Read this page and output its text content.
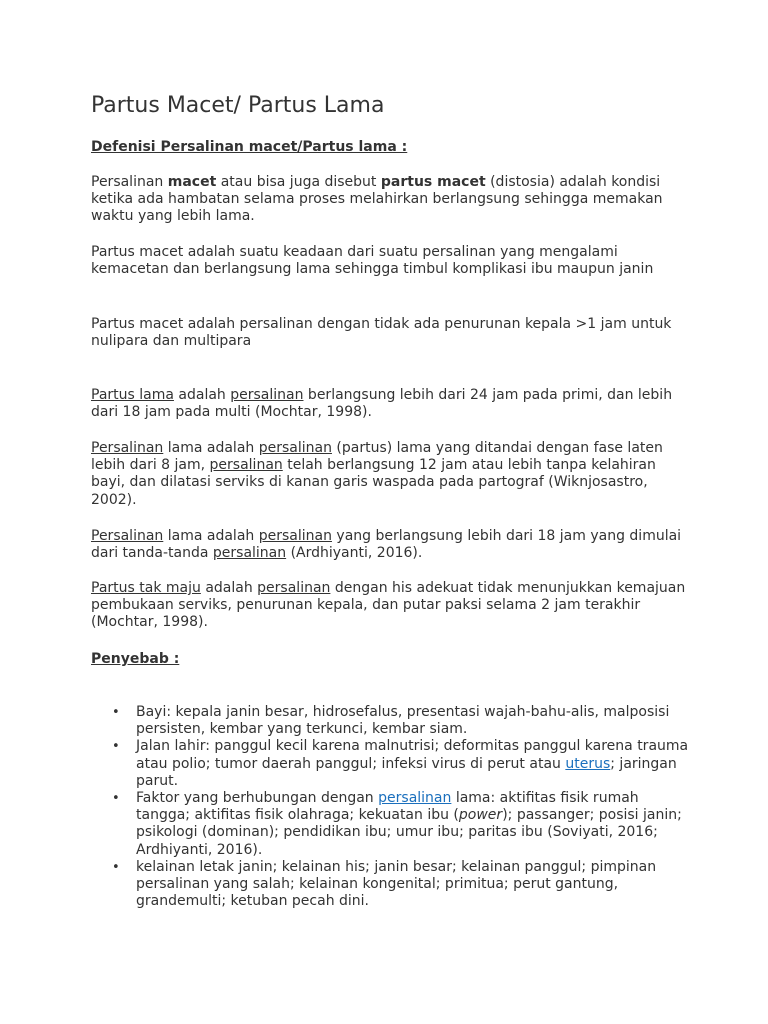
Partus Macet/ Partus Lama
Defenisi Persalinan macet/Partus lama :

Persalinan macet atau bisa juga disebut partus macet (distosia) adalah kondisi ketika ada hambatan selama proses melahirkan berlangsung sehingga memakan waktu yang lebih lama.

Partus macet adalah suatu keadaan dari suatu persalinan yang mengalami kemacetan dan berlangsung lama sehingga timbul komplikasi ibu maupun janin

Partus macet adalah persalinan dengan tidak ada penurunan kepala >1 jam untuk nulipara dan multipara

Partus lama adalah persalinan berlangsung lebih dari 24 jam pada primi, dan lebih dari 18 jam pada multi (Mochtar, 1998).

Persalinan lama adalah persalinan (partus) lama yang ditandai dengan fase laten lebih dari 8 jam, persalinan telah berlangsung 12 jam atau lebih tanpa kelahiran bayi, dan dilatasi serviks di kanan garis waspada pada partograf (Wiknjosastro, 2002).

Persalinan lama adalah persalinan yang berlangsung lebih dari 18 jam yang dimulai dari tanda-tanda persalinan (Ardhiyanti, 2016).

Partus tak maju adalah persalinan dengan his adekuat tidak menunjukkan kemajuan pembukaan serviks, penurunan kepala, dan putar paksi selama 2 jam terakhir (Mochtar, 1998).

Penyebab :
• Bayi: kepala janin besar, hidrosefalus, presentasi wajah-bahu-alis, malposisi persisten, kembar yang terkunci, kembar siam.
• Jalan lahir: panggul kecil karena malnutrisi; deformitas panggul karena trauma atau polio; tumor daerah panggul; infeksi virus di perut atau uterus; jaringan parut.
• Faktor yang berhubungan dengan persalinan lama: aktifitas fisik rumah tangga; aktifitas fisik olahraga; kekuatan ibu (power); passanger; posisi janin; psikologi (dominan); pendidikan ibu; umur ibu; paritas ibu (Soviyati, 2016; Ardhiyanti, 2016).
• kelainan letak janin; kelainan his; janin besar; kelainan panggul; pimpinan persalinan yang salah; kelainan kongenital; primitua; perut gantung, grandemulti; ketuban pecah dini.
